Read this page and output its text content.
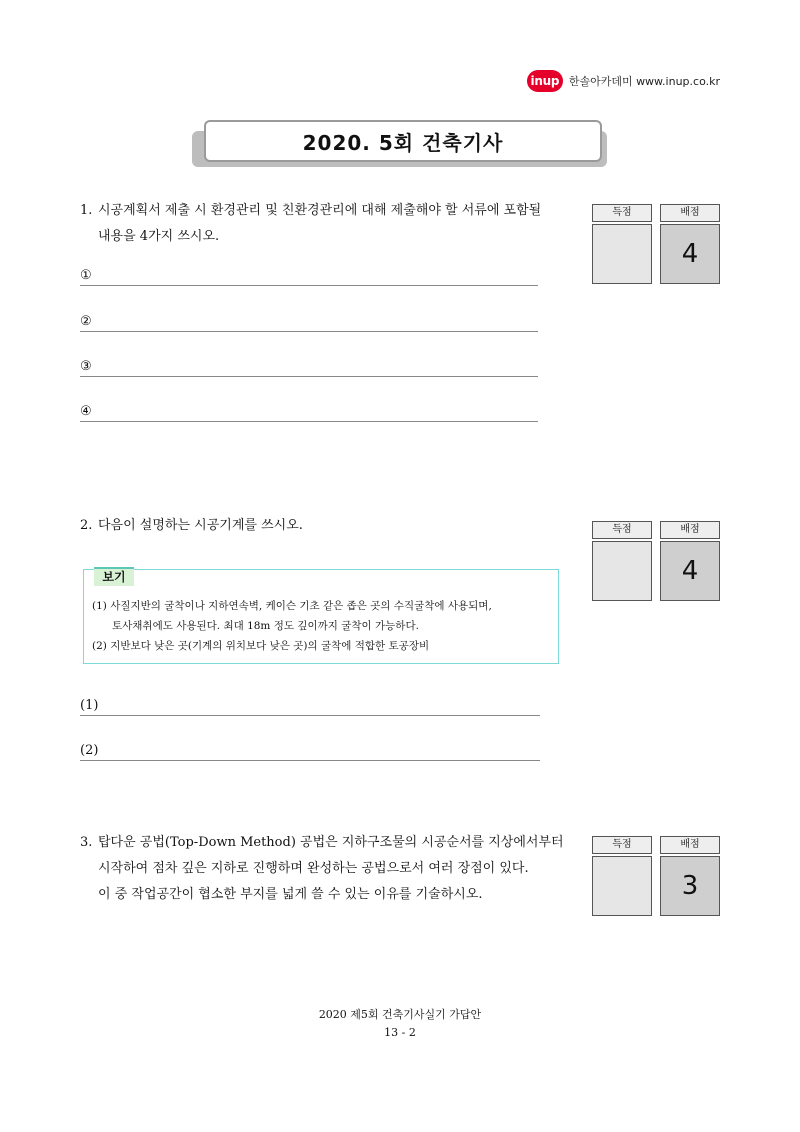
inup 한솔아카데미 www.inup.co.kr
2020. 5회 건축기사
1. 시공계획서 제출 시 환경관리 및 친환경관리에 대해 제출해야 할 서류에 포함될
내용을 4가지 쓰시오.
득점	배점
4
①
②
③
④
2. 다음이 설명하는 시공기계를 쓰시오.	득점	배점
4
보기
(1) 사질지반의 굴착이나 지하연속벽, 케이슨 기초 같은 좁은 곳의 수직굴착에 사용되며,
토사채취에도 사용된다. 최대 18m 정도 깊이까지 굴착이 가능하다.
(2) 지반보다 낮은 곳(기계의 위치보다 낮은 곳)의 굴착에 적합한 토공장비
(1)
(2)
3. 탑다운 공법(Top-Down Method) 공법은 지하구조물의 시공순서를 지상에서부터
시작하여 점차 깊은 지하로 진행하며 완성하는 공법으로서 여러 장점이 있다.
이 중 작업공간이 협소한 부지를 넓게 쓸 수 있는 이유를 기술하시오.
득점	배점
3
2020 제5회 건축기사실기 가답안
13 - 2
